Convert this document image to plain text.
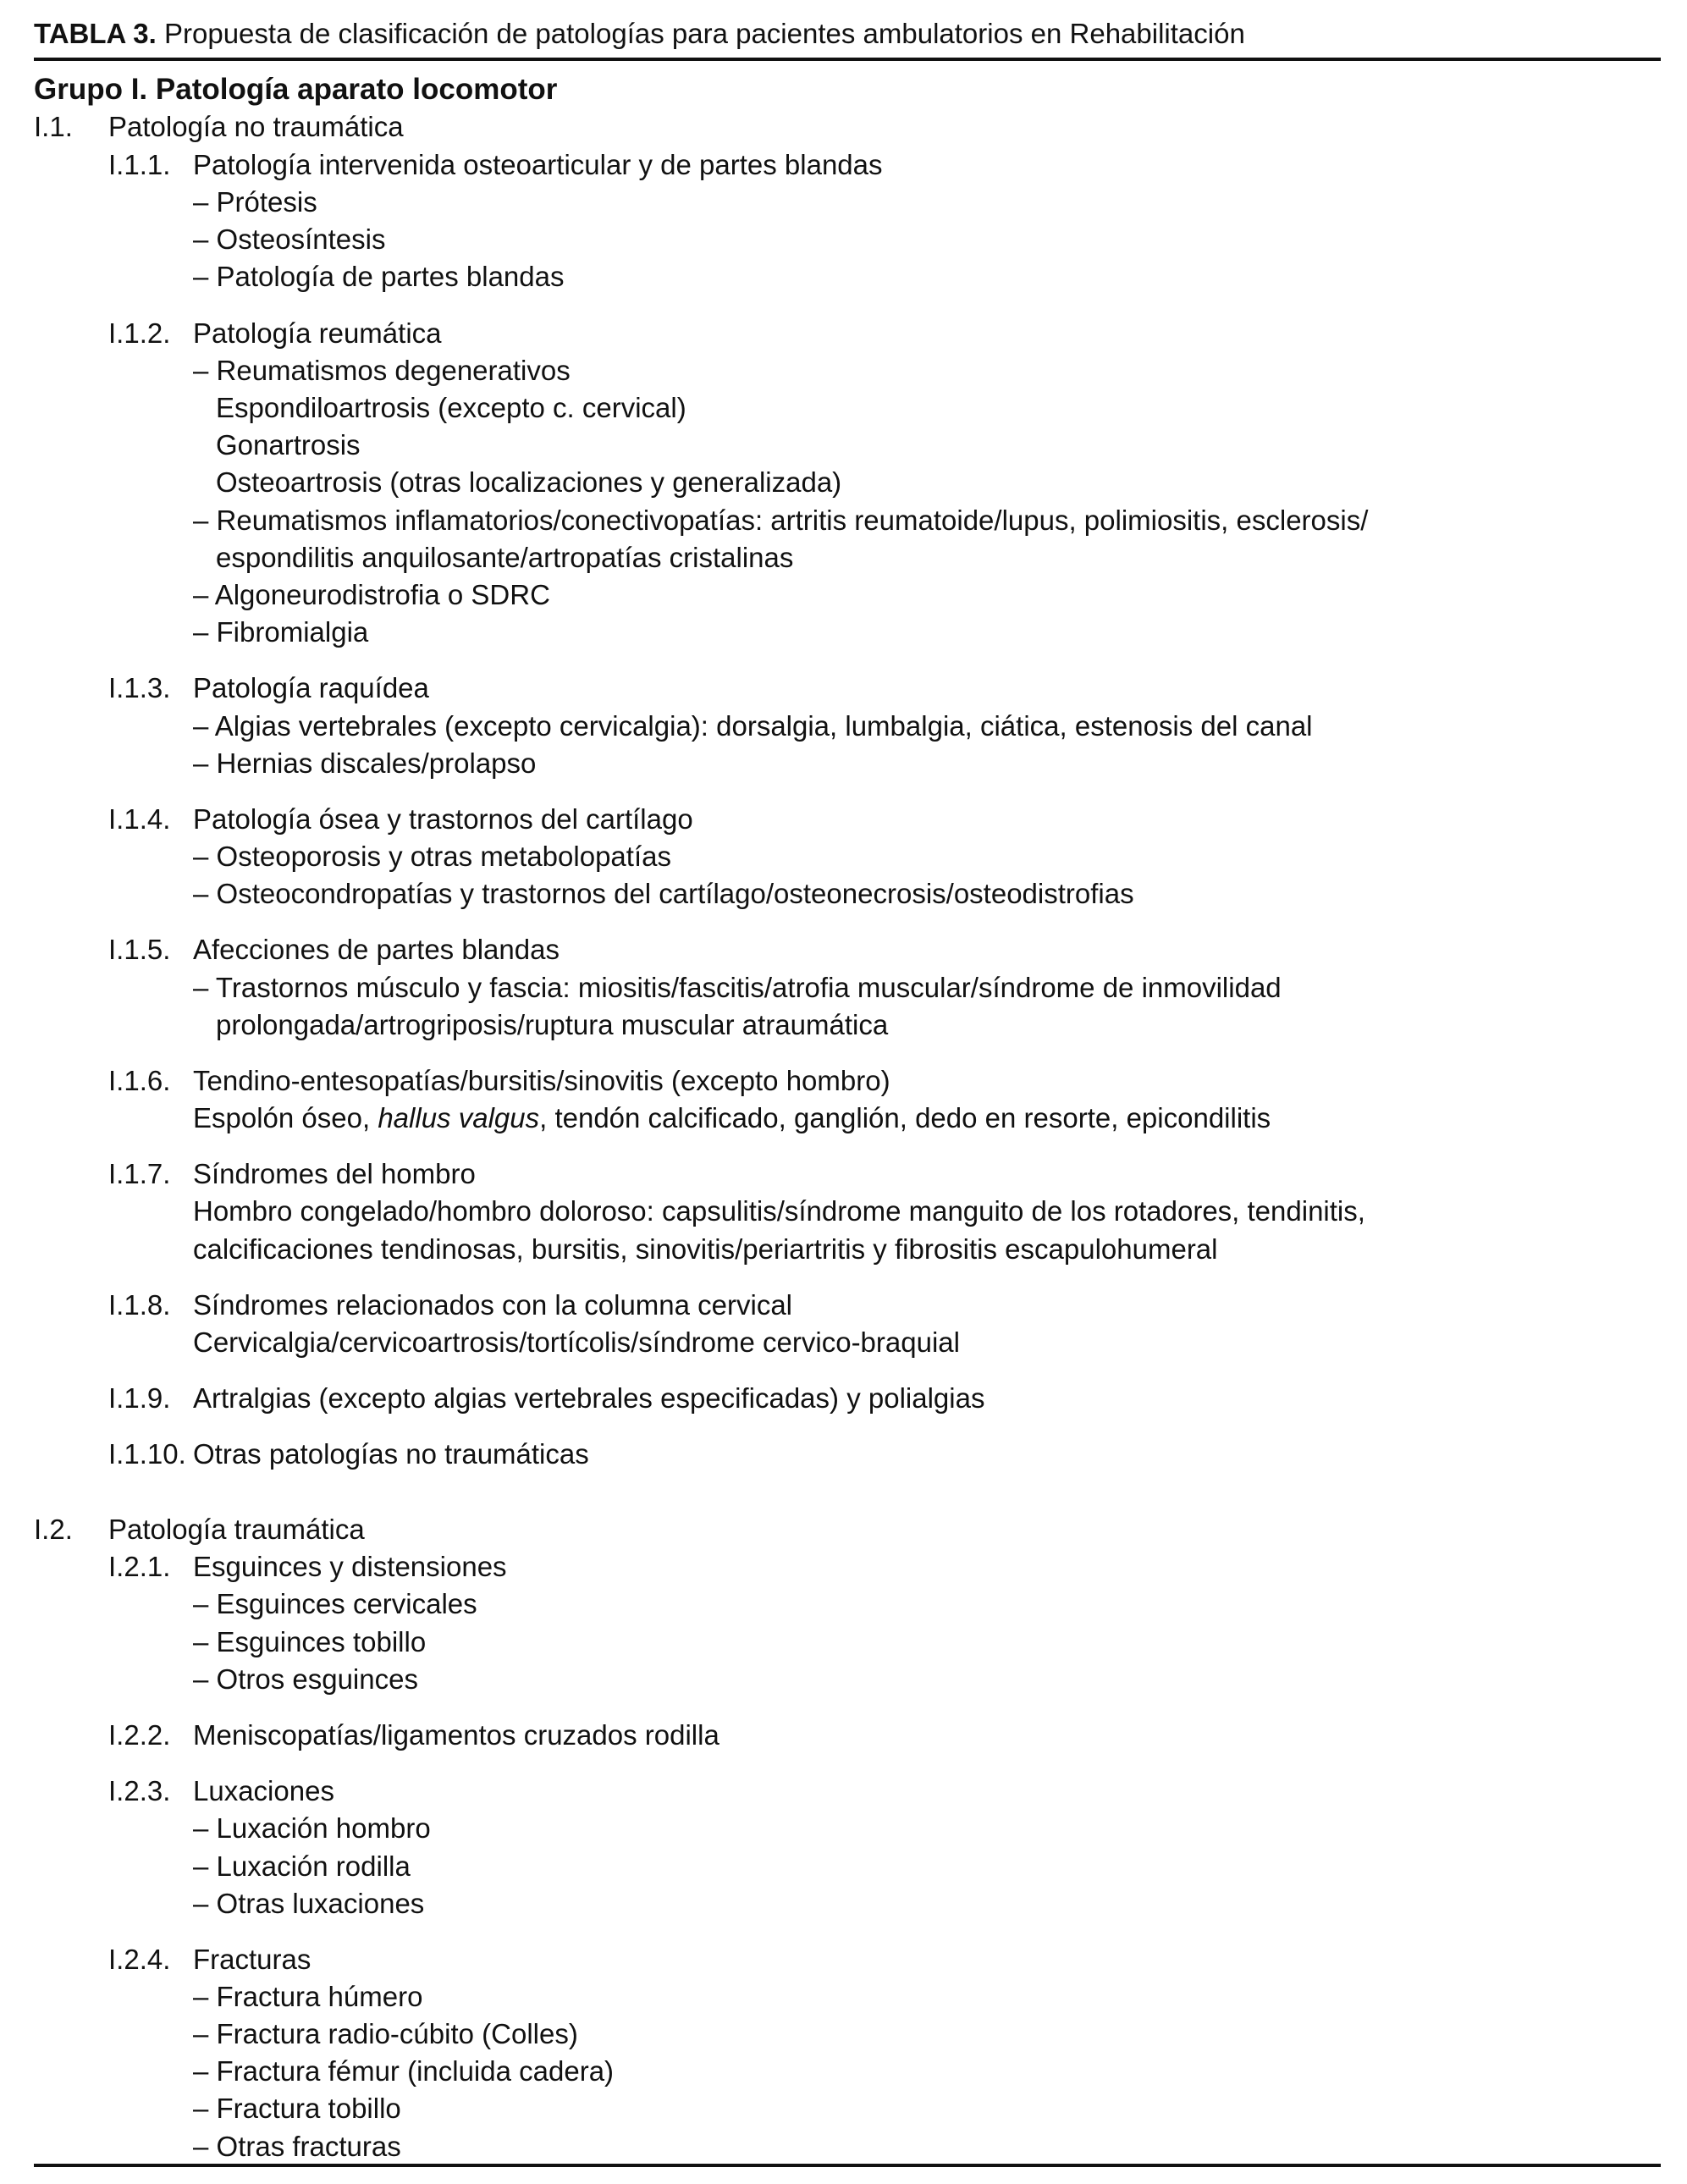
TABLA 3. Propuesta de clasificación de patologías para pacientes ambulatorios en Rehabilitación
Grupo I. Patología aparato locomotor
I.1. Patología no traumática
I.1.1. Patología intervenida osteoarticular y de partes blandas
– Prótesis
– Osteosíntesis
– Patología de partes blandas
I.1.2. Patología reumática
– Reumatismos degenerativos
Espondiloartrosis (excepto c. cervical)
Gonartrosis
Osteoartrosis (otras localizaciones y generalizada)
– Reumatismos inflamatorios/conectivopatías: artritis reumatoide/lupus, polimiositis, esclerosis/
espondilitis anquilosante/artropatías cristalinas
– Algoneurodistrofia o SDRC
– Fibromialgia
I.1.3. Patología raquídea
– Algias vertebrales (excepto cervicalgia): dorsalgia, lumbalgia, ciática, estenosis del canal
– Hernias discales/prolapso
I.1.4. Patología ósea y trastornos del cartílago
– Osteoporosis y otras metabolopatías
– Osteocondropatías y trastornos del cartílago/osteonecrosis/osteodistrofias
I.1.5. Afecciones de partes blandas
– Trastornos músculo y fascia: miositis/fascitis/atrofia muscular/síndrome de inmovilidad
prolongada/artrogriposis/ruptura muscular atraumática
I.1.6. Tendino-entesopatías/bursitis/sinovitis (excepto hombro)
Espolón óseo, hallus valgus, tendón calcificado, ganglión, dedo en resorte, epicondilitis
I.1.7. Síndromes del hombro
Hombro congelado/hombro doloroso: capsulitis/síndrome manguito de los rotadores, tendinitis,
calcificaciones tendinosas, bursitis, sinovitis/periartritis y fibrositis escapulohumeral
I.1.8. Síndromes relacionados con la columna cervical
Cervicalgia/cervicoartrosis/tortícolis/síndrome cervico-braquial
I.1.9. Artralgias (excepto algias vertebrales especificadas) y polialgias
I.1.10. Otras patologías no traumáticas
I.2. Patología traumática
I.2.1. Esguinces y distensiones
– Esguinces cervicales
– Esguinces tobillo
– Otros esguinces
I.2.2. Meniscopatías/ligamentos cruzados rodilla
I.2.3. Luxaciones
– Luxación hombro
– Luxación rodilla
– Otras luxaciones
I.2.4. Fracturas
– Fractura húmero
– Fractura radio-cúbito (Colles)
– Fractura fémur (incluida cadera)
– Fractura tobillo
– Otras fracturas
